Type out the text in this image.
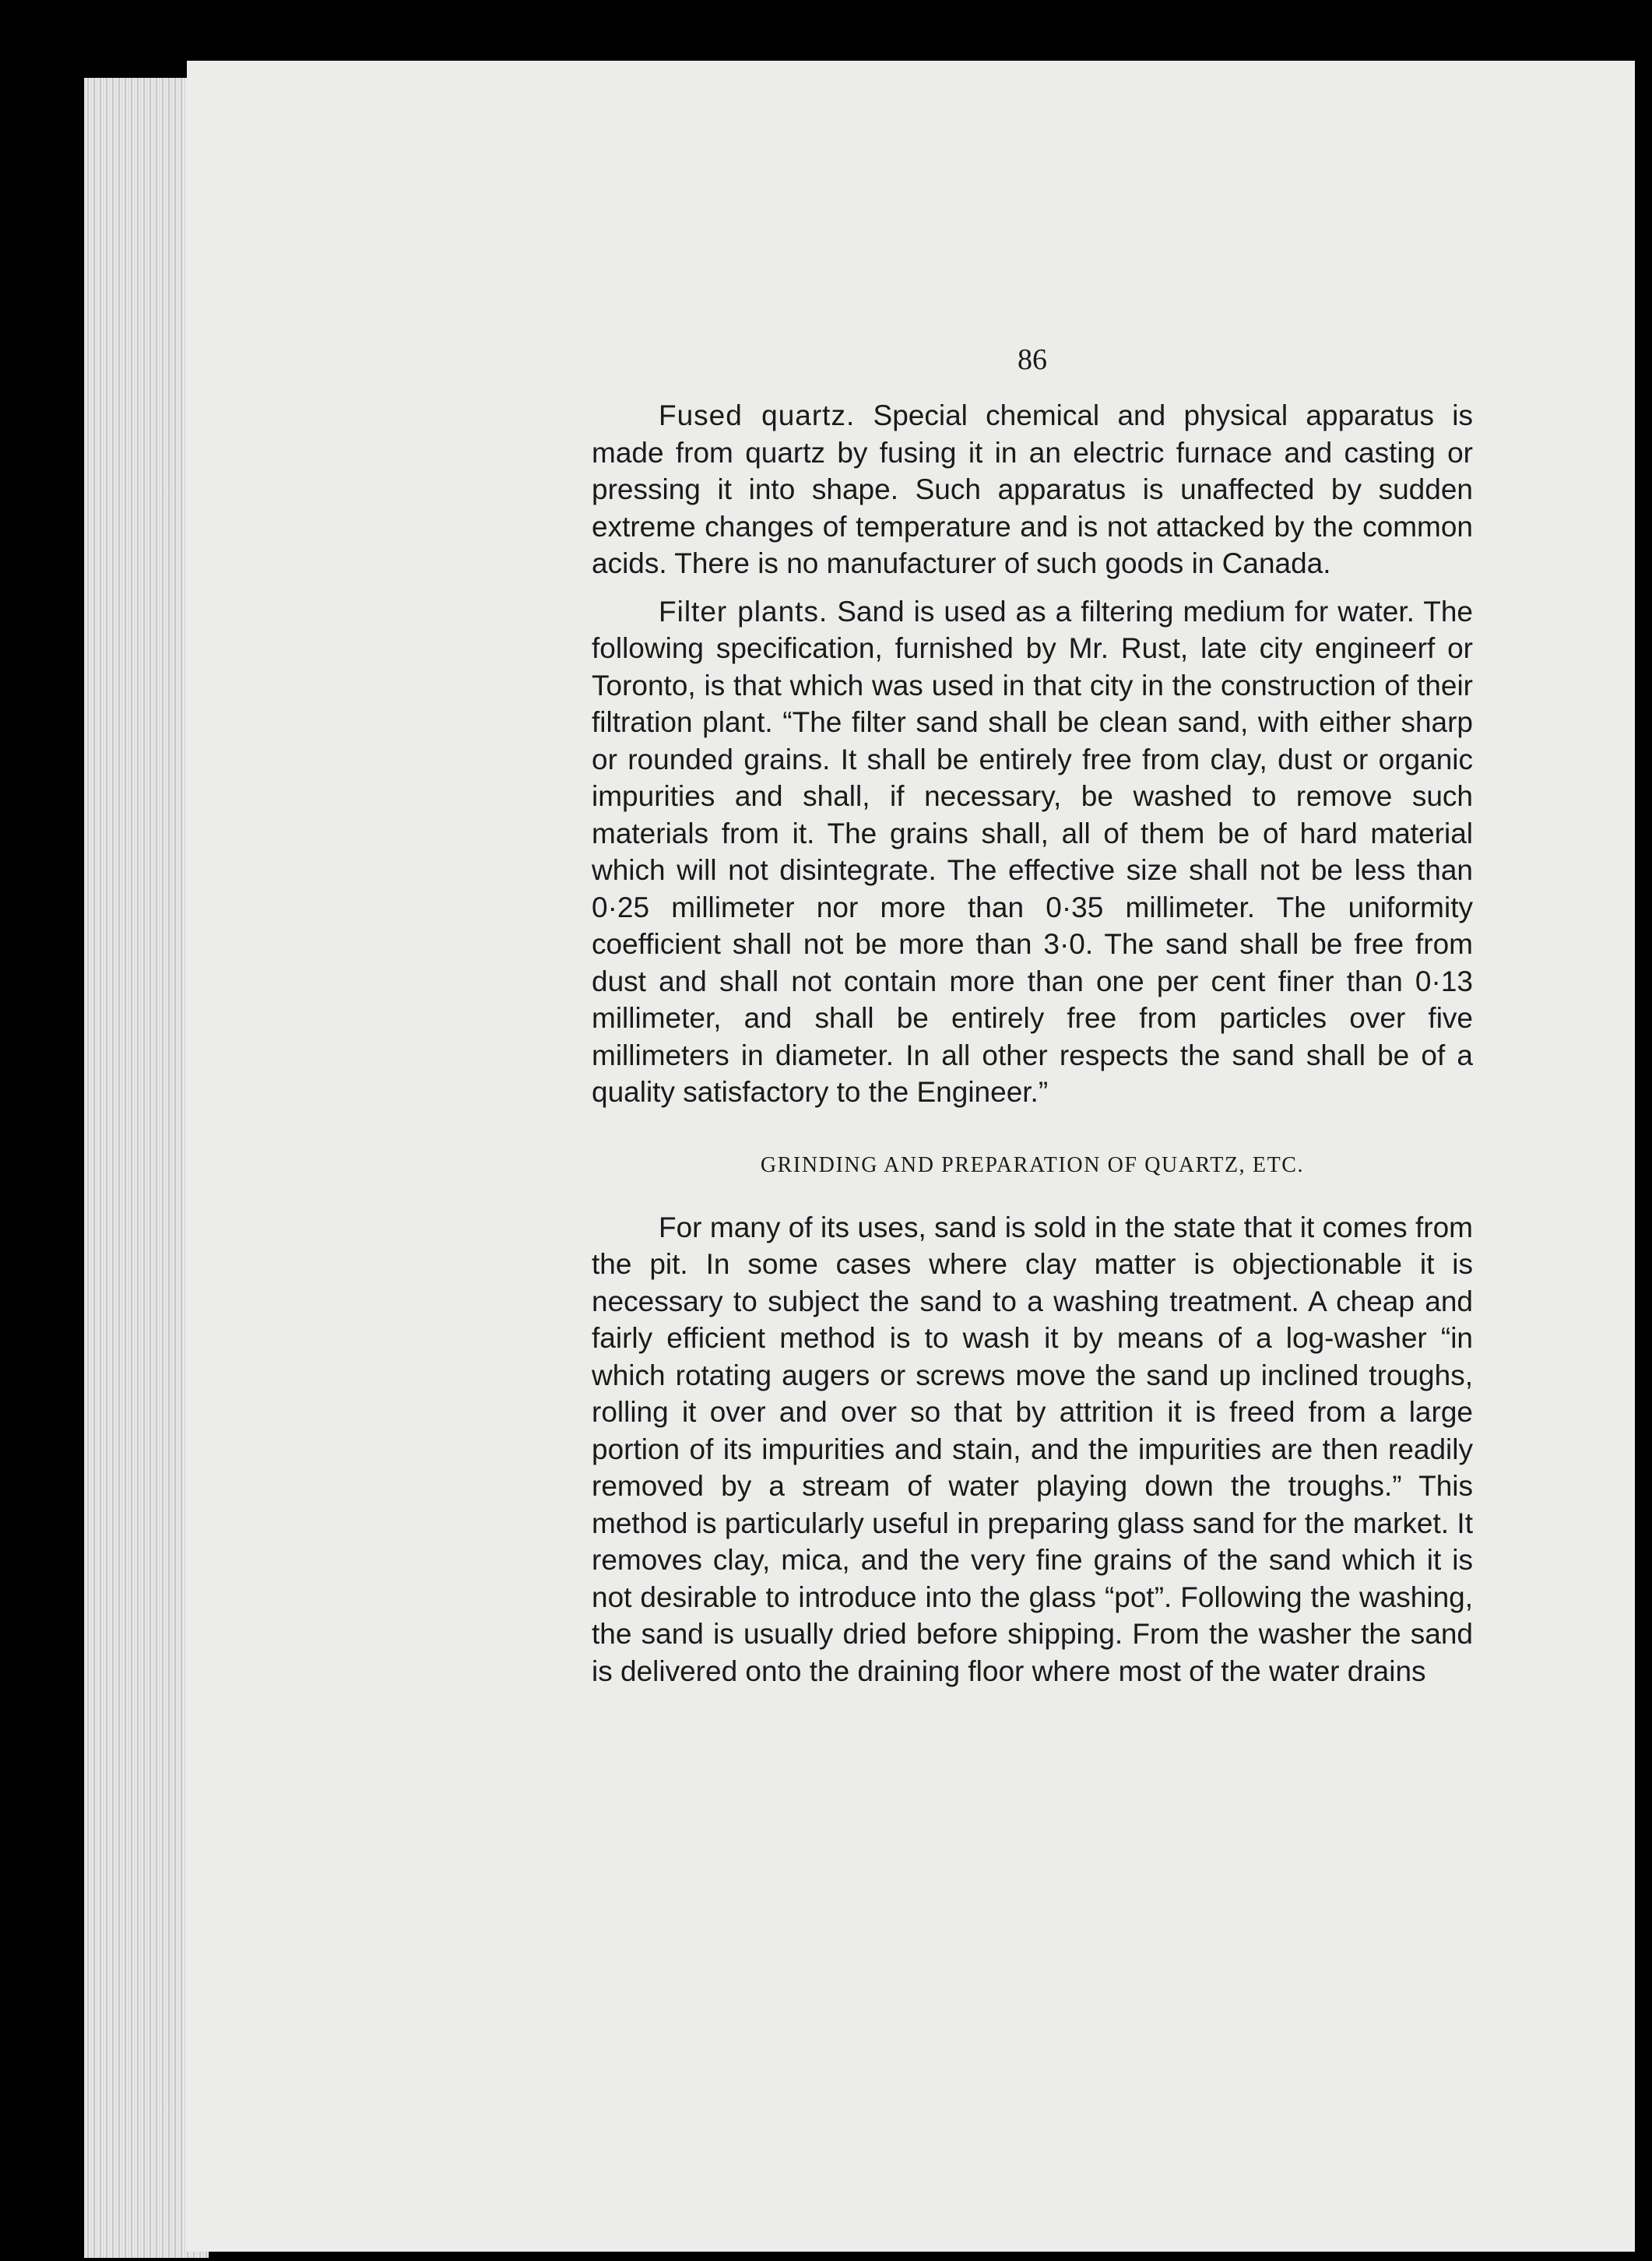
86

Fused quartz. Special chemical and physical apparatus is made from quartz by fusing it in an electric furnace and casting or pressing it into shape. Such apparatus is unaffected by sudden extreme changes of temperature and is not attacked by the common acids. There is no manufacturer of such goods in Canada.

Filter plants. Sand is used as a filtering medium for water. The following specification, furnished by Mr. Rust, late city engineerf or Toronto, is that which was used in that city in the construction of their filtration plant. “The filter sand shall be clean sand, with either sharp or rounded grains. It shall be entirely free from clay, dust or organic impurities and shall, if necessary, be washed to remove such materials from it. The grains shall, all of them be of hard material which will not disintegrate. The effective size shall not be less than 0·25 millimeter nor more than 0·35 millimeter. The uniformity coefficient shall not be more than 3·0. The sand shall be free from dust and shall not contain more than one per cent finer than 0·13 millimeter, and shall be entirely free from particles over five millimeters in diameter. In all other respects the sand shall be of a quality satisfactory to the Engineer.”

GRINDING AND PREPARATION OF QUARTZ, ETC.

For many of its uses, sand is sold in the state that it comes from the pit. In some cases where clay matter is objectionable it is necessary to subject the sand to a washing treatment. A cheap and fairly efficient method is to wash it by means of a log-washer “in which rotating augers or screws move the sand up inclined troughs, rolling it over and over so that by attrition it is freed from a large portion of its impurities and stain, and the impurities are then readily removed by a stream of water playing down the troughs.” This method is particularly useful in preparing glass sand for the market. It removes clay, mica, and the very fine grains of the sand which it is not desirable to introduce into the glass “pot”. Following the washing, the sand is usually dried before shipping. From the washer the sand is delivered onto the draining floor where most of the water drains
